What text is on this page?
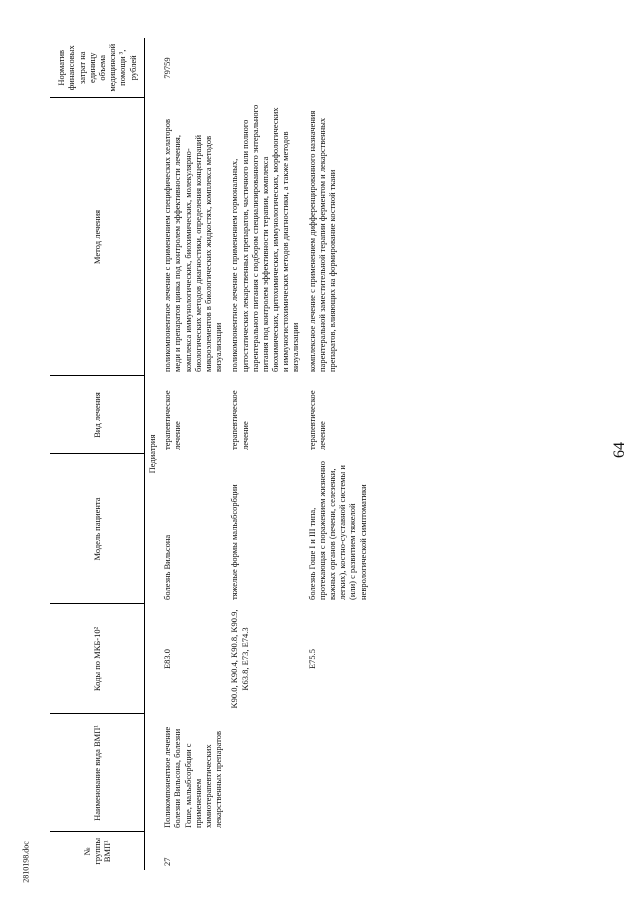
64
2810198.doc	№ группы ВМП¹	Наименование вида ВМП¹	Коды по МКБ-10²	Модель пациента	Вид лечения	Метод лечения	Норматив финансовых затрат на единицу объема медицинской помощи ³, рублей
Педиатрия						
27	Поликомпонентное лечение болезни Вильсона, болезни Гоше, мальабсорбции с применением химиотерапевтических лекарственных препаратов	E83.0	болезнь Вильсона	терапевтическое лечение	поликомпонентное лечение с применением специфических хелаторов меди и препаратов цинка под контролем эффективности лечения, комплекса иммунологических, биохимических, молекулярно-биологических методов диагностики, определения концентраций микроэлементов в биологических жидкостях, комплекса методов визуализации	79759
		K90.0, K90.4, K90.8, K90.9, K63.8, E73, E74.3	тяжелые формы мальабсорбции	терапевтическое лечение	поликомпонентное лечение с применением гормональных, цитостатических лекарственных препаратов, частичного или полного парентерального питания с подбором специализированного энтерального питания под контролем эффективности терапии, комплекса биохимических, цитохимических, иммунологических, морфологических и иммуногистохимических методов диагностики, а также методов визуализации	
		E75.5	болезнь Гоше I и III типа, протекающая с поражением жизненно важных органов (печени, селезенки, легких), костно-суставной системы и (или) с развитием тяжелой неврологической симптоматики	терапевтическое лечение	комплексное лечение с применением дифференцированного назначения парентеральной заместительной терапии ферментом и лекарственных препаратов, влияющих на формирование костной ткани	
